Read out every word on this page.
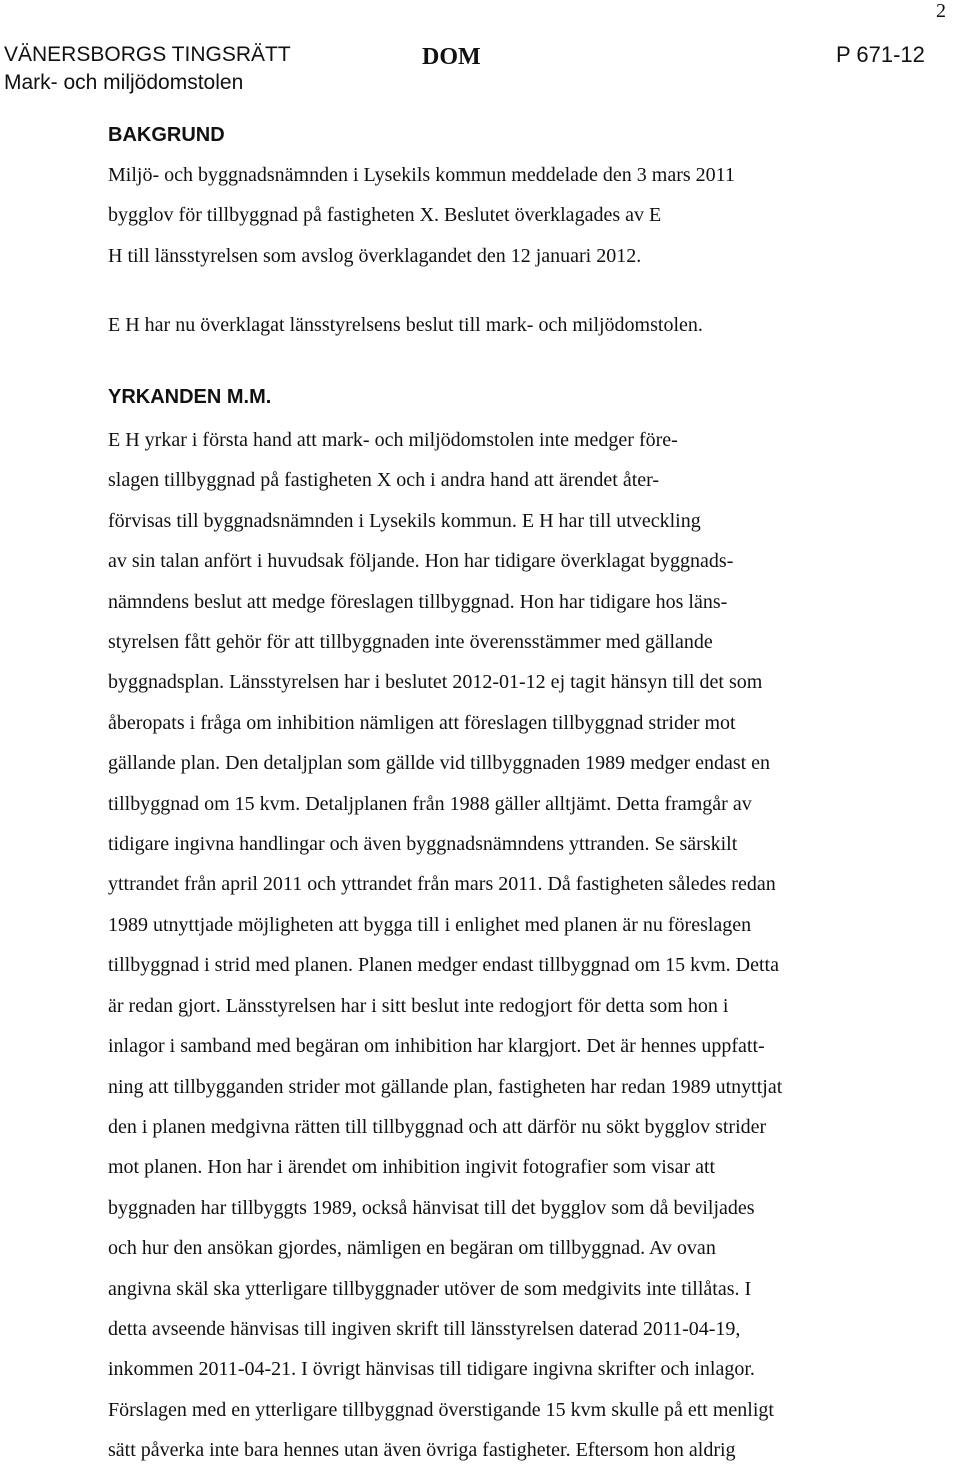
2
VÄNERSBORGS TINGSRÄTT
Mark- och miljödomstolen
DOM	P 671-12
BAKGRUND
Miljö- och byggnadsnämnden i Lysekils kommun meddelade den 3 mars 2011
bygglov för tillbyggnad på fastigheten X. Beslutet överklagades av E
H till länsstyrelsen som avslog överklagandet den 12 januari 2012.
E H har nu överklagat länsstyrelsens beslut till mark- och miljödomstolen.
YRKANDEN M.M.
E H yrkar i första hand att mark- och miljödomstolen inte medger före-
slagen tillbyggnad på fastigheten X och i andra hand att ärendet åter-
förvisas till byggnadsnämnden i Lysekils kommun. E H har till utveckling
av sin talan anfört i huvudsak följande. Hon har tidigare överklagat byggnads-
nämndens beslut att medge föreslagen tillbyggnad. Hon har tidigare hos läns-
styrelsen fått gehör för att tillbyggnaden inte överensstämmer med gällande
byggnadsplan. Länsstyrelsen har i beslutet 2012-01-12 ej tagit hänsyn till det som
åberopats i fråga om inhibition nämligen att föreslagen tillbyggnad strider mot
gällande plan. Den detaljplan som gällde vid tillbyggnaden 1989 medger endast en
tillbyggnad om 15 kvm. Detaljplanen från 1988 gäller alltjämt. Detta framgår av
tidigare ingivna handlingar och även byggnadsnämndens yttranden. Se särskilt
yttrandet från april 2011 och yttrandet från mars 2011. Då fastigheten således redan
1989 utnyttjade möjligheten att bygga till i enlighet med planen är nu föreslagen
tillbyggnad i strid med planen. Planen medger endast tillbyggnad om 15 kvm. Detta
är redan gjort. Länsstyrelsen har i sitt beslut inte redogjort för detta som hon i
inlagor i samband med begäran om inhibition har klargjort. Det är hennes uppfatt-
ning att tillbygganden strider mot gällande plan, fastigheten har redan 1989 utnyttjat
den i planen medgivna rätten till tillbyggnad och att därför nu sökt bygglov strider
mot planen. Hon har i ärendet om inhibition ingivit fotografier som visar att
byggnaden har tillbyggts 1989, också hänvisat till det bygglov som då beviljades
och hur den ansökan gjordes, nämligen en begäran om tillbyggnad. Av ovan
angivna skäl ska ytterligare tillbyggnader utöver de som medgivits inte tillåtas. I
detta avseende hänvisas till ingiven skrift till länsstyrelsen daterad 2011-04-19,
inkommen 2011-04-21. I övrigt hänvisas till tidigare ingivna skrifter och inlagor.
Förslagen med en ytterligare tillbyggnad överstigande 15 kvm skulle på ett menligt
sätt påverka inte bara hennes utan även övriga fastigheter. Eftersom hon aldrig
